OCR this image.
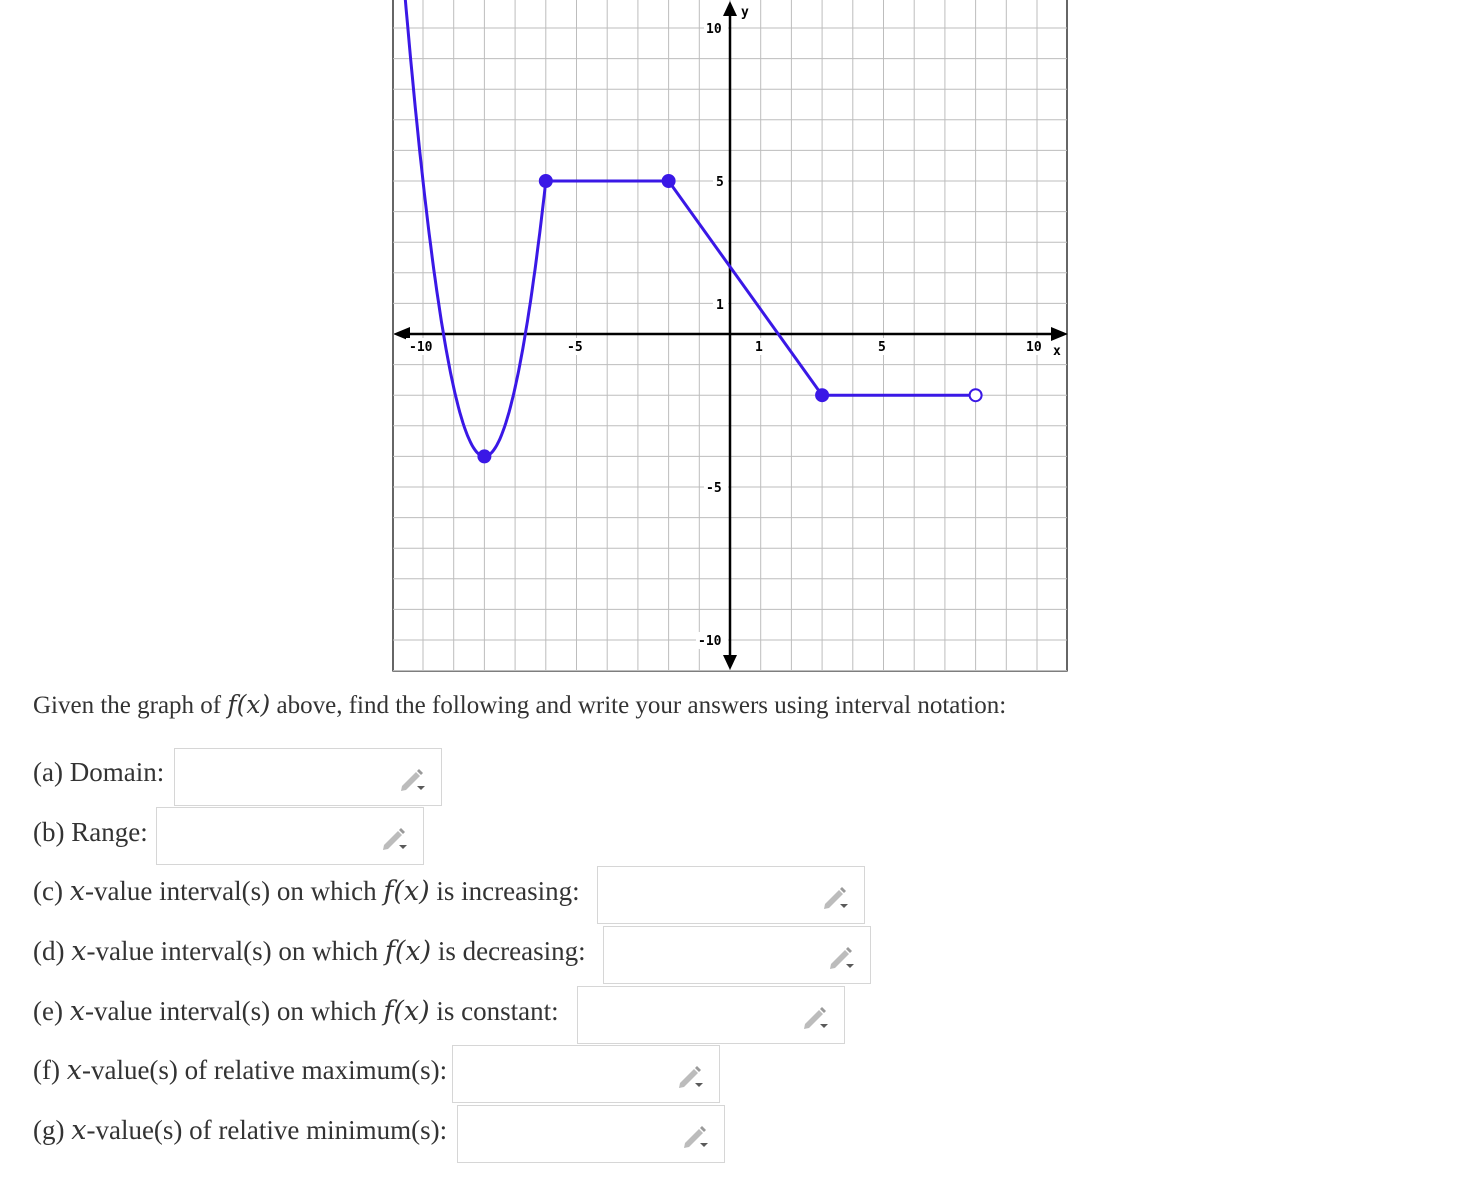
-10	-5	1	5	10 x
10
5
1
-5
-10
y
Given the graph of f(x) above, find the following and write your answers using interval notation:
(a) Domain:
(b) Range:
(c) x-value interval(s) on which f(x) is increasing:
(d) x-value interval(s) on which f(x) is decreasing:
(e) x-value interval(s) on which f(x) is constant:
(f) x-value(s) of relative maximum(s):
(g) x-value(s) of relative minimum(s):
